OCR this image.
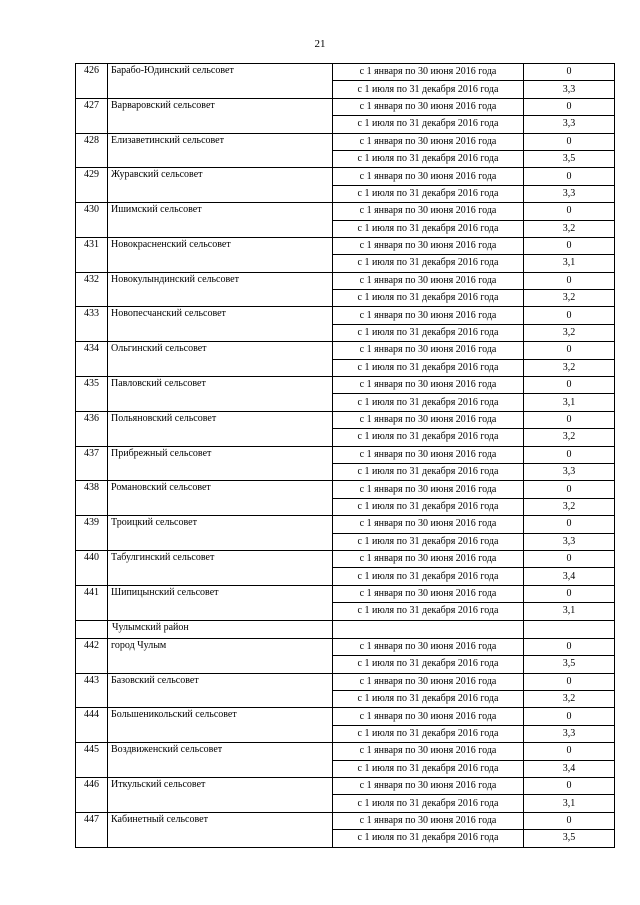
21
426	Барабо-Юдинский сельсовет	с 1 января по 30 июня 2016 года	0
		с 1 июля по 31 декабря 2016 года	3,3
427	Варваровский сельсовет	с 1 января по 30 июня 2016 года	0
		с 1 июля по 31 декабря 2016 года	3,3
428	Елизаветинский сельсовет	с 1 января по 30 июня 2016 года	0
		с 1 июля по 31 декабря 2016 года	3,5
429	Журавский сельсовет	с 1 января по 30 июня 2016 года	0
		с 1 июля по 31 декабря 2016 года	3,3
430	Ишимский сельсовет	с 1 января по 30 июня 2016 года	0
		с 1 июля по 31 декабря 2016 года	3,2
431	Новокрасненский сельсовет	с 1 января по 30 июня 2016 года	0
		с 1 июля по 31 декабря 2016 года	3,1
432	Новокулындинский сельсовет	с 1 января по 30 июня 2016 года	0
		с 1 июля по 31 декабря 2016 года	3,2
433	Новопесчанский сельсовет	с 1 января по 30 июня 2016 года	0
		с 1 июля по 31 декабря 2016 года	3,2
434	Ольгинский сельсовет	с 1 января по 30 июня 2016 года	0
		с 1 июля по 31 декабря 2016 года	3,2
435	Павловский сельсовет	с 1 января по 30 июня 2016 года	0
		с 1 июля по 31 декабря 2016 года	3,1
436	Польяновский сельсовет	с 1 января по 30 июня 2016 года	0
		с 1 июля по 31 декабря 2016 года	3,2
437	Прибрежный сельсовет	с 1 января по 30 июня 2016 года	0
		с 1 июля по 31 декабря 2016 года	3,3
438	Романовский сельсовет	с 1 января по 30 июня 2016 года	0
		с 1 июля по 31 декабря 2016 года	3,2
439	Троицкий сельсовет	с 1 января по 30 июня 2016 года	0
		с 1 июля по 31 декабря 2016 года	3,3
440	Табулгинский сельсовет	с 1 января по 30 июня 2016 года	0
		с 1 июля по 31 декабря 2016 года	3,4
441	Шипицынский сельсовет	с 1 января по 30 июня 2016 года	0
		с 1 июля по 31 декабря 2016 года	3,1
	Чулымский район		
442	город Чулым	с 1 января по 30 июня 2016 года	0
		с 1 июля по 31 декабря 2016 года	3,5
443	Базовский сельсовет	с 1 января по 30 июня 2016 года	0
		с 1 июля по 31 декабря 2016 года	3,2
444	Большеникольский сельсовет	с 1 января по 30 июня 2016 года	0
		с 1 июля по 31 декабря 2016 года	3,3
445	Воздвиженский сельсовет	с 1 января по 30 июня 2016 года	0
		с 1 июля по 31 декабря 2016 года	3,4
446	Иткульский сельсовет	с 1 января по 30 июня 2016 года	0
		с 1 июля по 31 декабря 2016 года	3,1
447	Кабинетный сельсовет	с 1 января по 30 июня 2016 года	0
		с 1 июля по 31 декабря 2016 года	3,5
